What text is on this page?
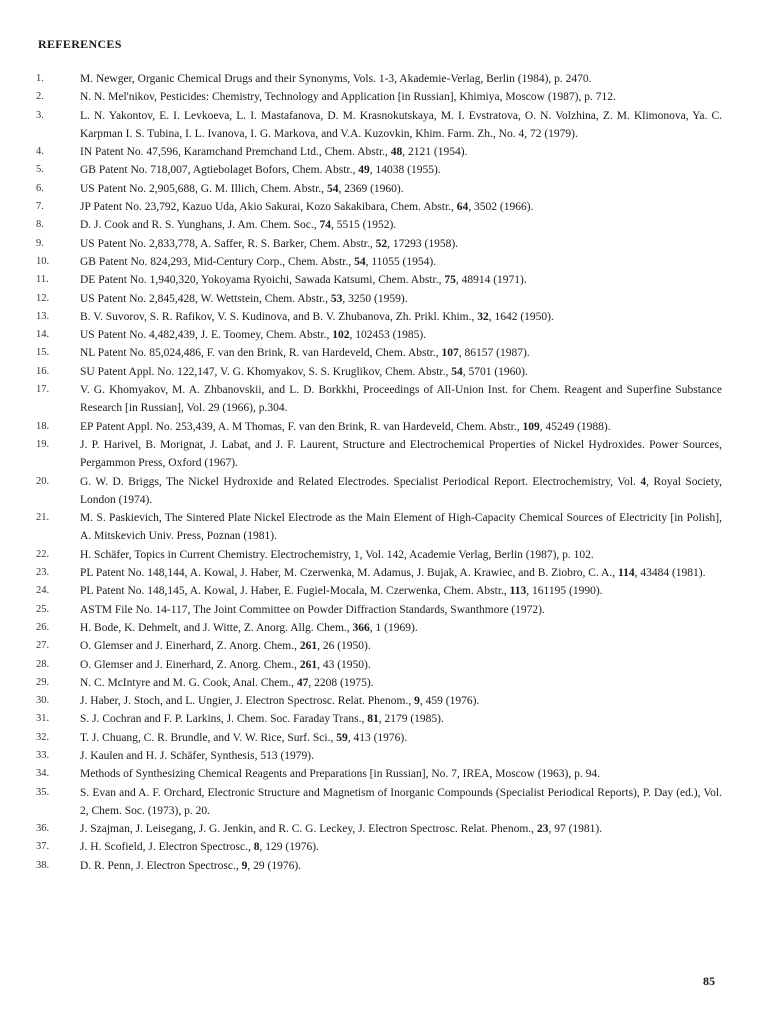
REFERENCES
1.	M. Newger, Organic Chemical Drugs and their Synonyms, Vols. 1-3, Akademie-Verlag, Berlin (1984), p. 2470.
2.	N. N. Mel'nikov, Pesticides: Chemistry, Technology and Application [in Russian], Khimiya, Moscow (1987), p. 712.
3.	L. N. Yakontov, E. I. Levkoeva, L. I. Mastafanova, D. M. Krasnokutskaya, M. I. Evstratova, O. N. Volzhina, Z. M. Klimonova, Ya. C. Karpman I. S. Tubina, I. L. Ivanova, I. G. Markova, and V.A. Kuzovkin, Khim. Farm. Zh., No. 4, 72 (1979).
4.	IN Patent No. 47,596, Karamchand Premchand Ltd., Chem. Abstr., 48, 2121 (1954).
5.	GB Patent No. 718,007, Agtiebolaget Bofors, Chem. Abstr., 49, 14038 (1955).
6.	US Patent No. 2,905,688, G. M. Illich, Chem. Abstr., 54, 2369 (1960).
7.	JP Patent No. 23,792, Kazuo Uda, Akio Sakurai, Kozo Sakakibara, Chem. Abstr., 64, 3502 (1966).
8.	D. J. Cook and R. S. Yunghans, J. Am. Chem. Soc., 74, 5515 (1952).
9.	US Patent No. 2,833,778, A. Saffer, R. S. Barker, Chem. Abstr., 52, 17293 (1958).
10.	GB Patent No. 824,293, Mid-Century Corp., Chem. Abstr., 54, 11055 (1954).
11.	DE Patent No. 1,940,320, Yokoyama Ryoichi, Sawada Katsumi, Chem. Abstr., 75, 48914 (1971).
12.	US Patent No. 2,845,428, W. Wettstein, Chem. Abstr., 53, 3250 (1959).
13.	B. V. Suvorov, S. R. Rafikov, V. S. Kudinova, and B. V. Zhubanova, Zh. Prikl. Khim., 32, 1642 (1950).
14.	US Patent No. 4,482,439, J. E. Toomey, Chem. Abstr., 102, 102453 (1985).
15.	NL Patent No. 85,024,486, F. van den Brink, R. van Hardeveld, Chem. Abstr., 107, 86157 (1987).
16.	SU Patent Appl. No. 122,147, V. G. Khomyakov, S. S. Kruglikov, Chem. Abstr., 54, 5701 (1960).
17.	V. G. Khomyakov, M. A. Zhbanovskii, and L. D. Borkkhi, Proceedings of All-Union Inst. for Chem. Reagent and Superfine Substance Research [in Russian], Vol. 29 (1966), p.304.
18.	EP Patent Appl. No. 253,439, A. M Thomas, F. van den Brink, R. van Hardeveld, Chem. Abstr., 109, 45249 (1988).
19.	J. P. Harivel, B. Morignat, J. Labat, and J. F. Laurent, Structure and Electrochemical Properties of Nickel Hydroxides. Power Sources, Pergammon Press, Oxford (1967).
20.	G. W. D. Briggs, The Nickel Hydroxide and Related Electrodes. Specialist Periodical Report. Electrochemistry, Vol. 4, Royal Society, London (1974).
21.	M. S. Paskievich, The Sintered Plate Nickel Electrode as the Main Element of High-Capacity Chemical Sources of Electricity [in Polish], A. Mitskevich Univ. Press, Poznan (1981).
22.	H. Schäfer, Topics in Current Chemistry. Electrochemistry, 1, Vol. 142, Academie Verlag, Berlin (1987), p. 102.
23.	PL Patent No. 148,144, A. Kowal, J. Haber, M. Czerwenka, M. Adamus, J. Bujak, A. Krawiec, and B. Ziobro, C. A., 114, 43484 (1981).
24.	PL Patent No. 148,145, A. Kowal, J. Haber, E. Fugiel-Mocala, M. Czerwenka, Chem. Abstr., 113, 161195 (1990).
25.	ASTM File No. 14-117, The Joint Committee on Powder Diffraction Standards, Swanthmore (1972).
26.	H. Bode, K. Dehmelt, and J. Witte, Z. Anorg. Allg. Chem., 366, 1 (1969).
27.	O. Glemser and J. Einerhard, Z. Anorg. Chem., 261, 26 (1950).
28.	O. Glemser and J. Einerhard, Z. Anorg. Chem., 261, 43 (1950).
29.	N. C. McIntyre and M. G. Cook, Anal. Chem., 47, 2208 (1975).
30.	J. Haber, J. Stoch, and L. Ungier, J. Electron Spectrosc. Relat. Phenom., 9, 459 (1976).
31.	S. J. Cochran and F. P. Larkins, J. Chem. Soc. Faraday Trans., 81, 2179 (1985).
32.	T. J. Chuang, C. R. Brundle, and V. W. Rice, Surf. Sci., 59, 413 (1976).
33.	J. Kaulen and H. J. Schäfer, Synthesis, 513 (1979).
34.	Methods of Synthesizing Chemical Reagents and Preparations [in Russian], No. 7, IREA, Moscow (1963), p. 94.
35.	S. Evan and A. F. Orchard, Electronic Structure and Magnetism of Inorganic Compounds (Specialist Periodical Reports), P. Day (ed.), Vol. 2, Chem. Soc. (1973), p. 20.
36.	J. Szajman, J. Leisegang, J. G. Jenkin, and R. C. G. Leckey, J. Electron Spectrosc. Relat. Phenom., 23, 97 (1981).
37.	J. H. Scofield, J. Electron Spectrosc., 8, 129 (1976).
38.	D. R. Penn, J. Electron Spectrosc., 9, 29 (1976).
85
